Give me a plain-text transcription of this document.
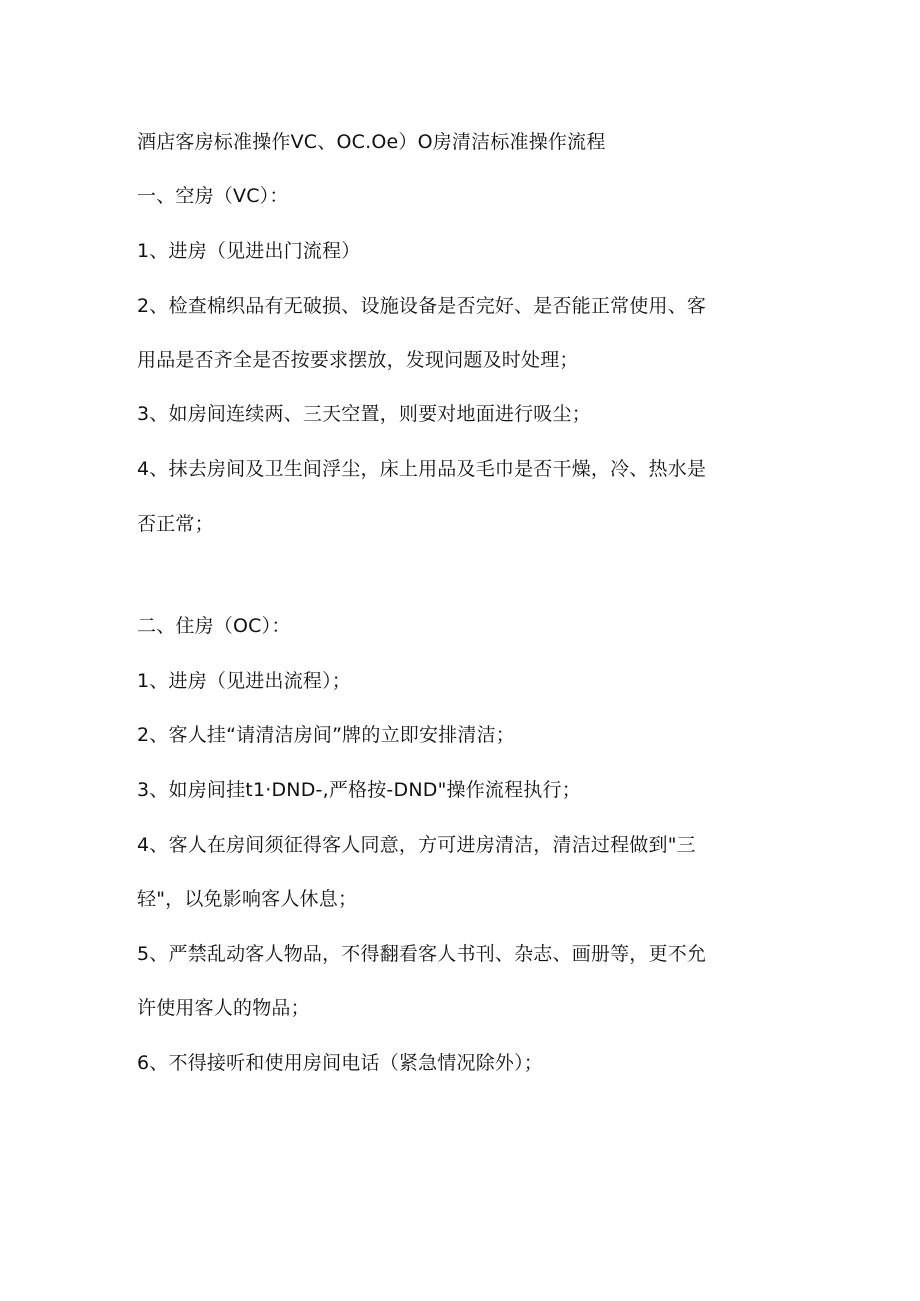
酒店客房标准操作VC、OC.Oe）O房清洁标准操作流程
一、空房（VC）：
1、进房（见进出门流程）
2、检查棉织品有无破损、设施设备是否完好、是否能正常使用、客
用品是否齐全是否按要求摆放，发现问题及时处理；
3、如房间连续两、三天空置，则要对地面进行吸尘；
4、抹去房间及卫生间浮尘，床上用品及毛巾是否干燥，冷、热水是
否正常；
二、住房（OC）：
1、进房（见进出流程）；
2、客人挂“请清洁房间”牌的立即安排清洁；
3、如房间挂t1·DND-,严格按-DND"操作流程执行；
4、客人在房间须征得客人同意，方可进房清洁，清洁过程做到"三
轻"，以免影响客人休息；
5、严禁乱动客人物品，不得翻看客人书刊、杂志、画册等，更不允
许使用客人的物品；
6、不得接听和使用房间电话（紧急情况除外）；
